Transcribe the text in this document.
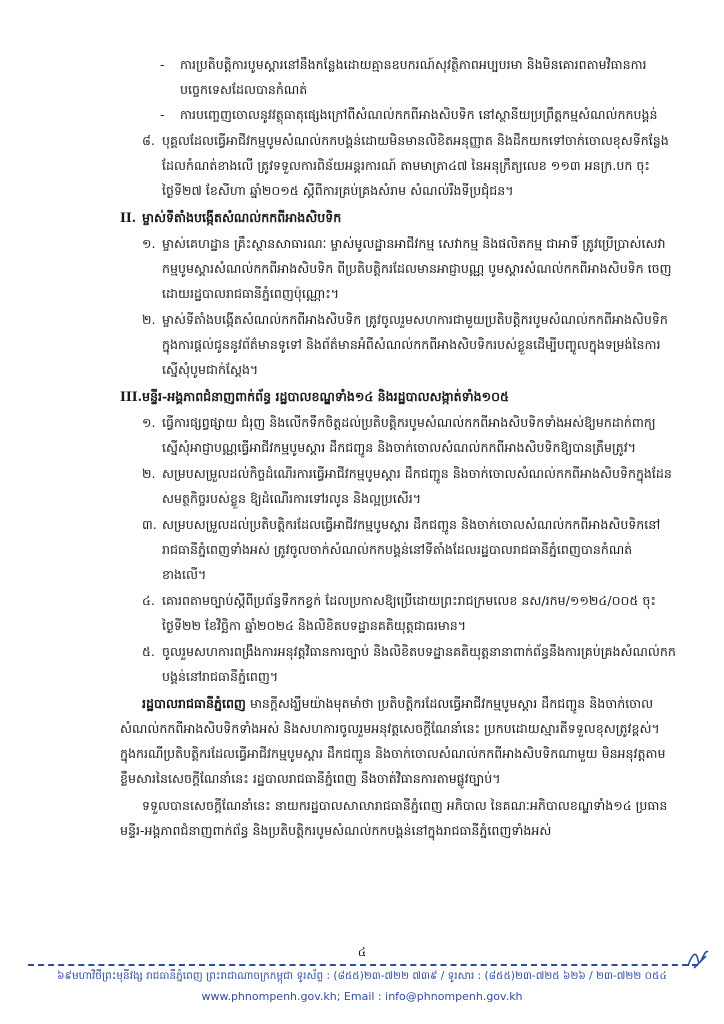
- ការប្រតិបត្តិការបូមស្តារនៅនឹងកន្លែងដោយគ្មានឧបករណ៍សុវត្ថិភាពអប្បបរមា និងមិនគោរពតាមវិធានការបច្ចេកទេសដែលបានកំណត់
- ការបញ្ចេញចោលនូវវត្ថុធាតុផ្សេងក្រៅពីសំណល់កកពីអាងសិបទិក នៅស្ថានីយប្រព្រឹត្តកម្មសំណល់កកបង្គន់
៨. បុគ្គលដែលធ្វើអាជីវកម្មបូមសំណល់កកបង្គន់ដោយមិនមានលិខិតអនុញ្ញាត និងដឹកយកទៅចាក់ចោលខុសទីកន្លែងដែលកំណត់ខាងលើ ត្រូវទទួលការពិន័យអន្តរការណ៍ តាមមាត្រា៤៧ នៃអនុក្រឹត្យលេខ ១១៣ អនក្រ.បក ចុះថ្ងៃទី២៧ ខែសីហា ឆ្នាំ២០១៥ ស្តីពីការគ្រប់គ្រងសំរាម សំណល់រឹងទីប្រជុំជន។
II. ម្ចាស់ទីតាំងបង្កើតសំណល់កកពីអាងសិបទិក
១. ម្ចាស់គេហដ្ឋាន គ្រឹះស្ថានសាធារណៈ ម្ចាស់មូលដ្ឋានអាជីវកម្ម សេវាកម្ម និងផលិតកម្ម ជាអាទិ៍ ត្រូវប្រើប្រាស់សេវាកម្មបូមស្តារសំណល់កកពីអាងសិបទិក ពីប្រតិបត្តិករដែលមានអាជ្ញាបណ្ណ បូមស្តារសំណល់កកពីអាងសិបទិក ចេញដោយរដ្ឋបាលរាជធានីភ្នំពេញប៉ុណ្ណោះ។
២. ម្ចាស់ទីតាំងបង្កើតសំណល់កកពីអាងសិបទិក ត្រូវចូលរួមសហការជាមួយប្រតិបត្តិករបូមសំណល់កកពីអាងសិបទិកក្នុងការផ្តល់ជូននូវព័ត៌មានទូទៅ និងព័ត៌មានអំពីសំណល់កកពីអាងសិបទិករបស់ខ្លួនដើម្បីបញ្ចូលក្នុងទម្រង់នៃការស្នើសុំបូមជាក់ស្តែង។
III. មន្ទីរ-អង្គភាពជំនាញពាក់ព័ន្ធ រដ្ឋបាលខណ្ឌទាំង១៤ និងរដ្ឋបាលសង្កាត់ទាំង១០៥
១. ធ្វើការផ្សព្វផ្សាយ ជំរុញ និងលើកទឹកចិត្តដល់ប្រតិបត្តិករបូមសំណល់កកពីអាងសិបទិកទាំងអស់ឱ្យមកដាក់ពាក្យស្នើសុំអាជ្ញាបណ្ណធ្វើអាជីវកម្មបូមស្តារ ដឹកជញ្ជូន និងចាក់ចោលសំណល់កកពីអាងសិបទិកឱ្យបានត្រឹមត្រូវ។
២. សម្របសម្រួលដល់កិច្ចដំណើរការធ្វើអាជីវកម្មបូមស្តារ ដឹកជញ្ជូន និងចាក់ចោលសំណល់កកពីអាងសិបទិកក្នុងដែនសមត្ថកិច្ចរបស់ខ្លួន ឱ្យដំណើរការទៅរលូន និងល្អប្រសើរ។
៣. សម្របសម្រួលដល់ប្រតិបត្តិករដែលធ្វើអាជីវកម្មបូមស្តារ ដឹកជញ្ជូន និងចាក់ចោលសំណល់កកពីអាងសិបទិកនៅរាជធានីភ្នំពេញទាំងអស់ ត្រូវចូលចាក់សំណល់កកបង្គន់នៅទីតាំងដែលរដ្ឋបាលរាជធានីភ្នំពេញបានកំណត់ខាងលើ។
៤. គោរពតាមច្បាប់ស្តីពីប្រព័ន្ធទឹកកខ្វក់ ដែលប្រកាសឱ្យប្រើដោយព្រះរាជក្រមលេខ នស/រកម/១១២៤/០០៥ ចុះថ្ងៃទី២២ ខែវិច្ឆិកា ឆ្នាំ២០២៤ និងលិខិតបទដ្ឋានគតិយុត្តជាធរមាន។
៥. ចូលរួមសហការពង្រឹងការអនុវត្តវិធានការច្បាប់ និងលិខិតបទដ្ឋានគតិយុត្តនានាពាក់ព័ន្ធនឹងការគ្រប់គ្រងសំណល់កកបង្គន់នៅរាជធានីភ្នំពេញ។
រដ្ឋបាលរាជធានីភ្នំពេញ មានក្តីសង្ឃឹមយ៉ាងមុតមាំថា ប្រតិបត្តិករដែលធ្វើអាជីវកម្មបូមស្តារ ដឹកជញ្ជូន និងចាក់ចោលសំណល់កកពីអាងសិបទិកទាំងអស់ និងសហការចូលរួមអនុវត្តសេចក្តីណែនាំនេះ ប្រកបដោយស្មារតីទទួលខុសត្រូវខ្ពស់។ ក្នុងករណីប្រតិបត្តិករដែលធ្វើអាជីវកម្មបូមស្តារ ដឹកជញ្ជូន និងចាក់ចោលសំណល់កកពីអាងសិបទិកណាមួយ មិនអនុវត្តតាមខ្លឹមសារនៃសេចក្តីណែនាំនេះ រដ្ឋបាលរាជធានីភ្នំពេញ នឹងចាត់វិធានការតាមផ្លូវច្បាប់។
ទទួលបានសេចក្តីណែនាំនេះ នាយករដ្ឋបាលសាលារាជធានីភ្នំពេញ អភិបាល នៃគណៈអភិបាលខណ្ឌទាំង១៤ ប្រធានមន្ទីរ-អង្គភាពជំនាញពាក់ព័ន្ធ និងប្រតិបត្តិករបូមសំណល់កកបង្គន់នៅក្នុងរាជធានីភ្នំពេញទាំងអស់
៤
៦៩មហាវិថីព្រះមុនីវង្ស រាជធានីភ្នំពេញ ព្រះរាជាណាចក្រកម្ពុជា ទូរស័ព្ទ : (៨៥៥)២៣-៧២២ ៧៣៩ / ទូរសារ : (៨៥៥)២៣-៧២៥ ៦២៦ / ២៣-៧២២ ០៥៤
www.phnompenh.gov.kh; Email : info@phnompenh.gov.kh
